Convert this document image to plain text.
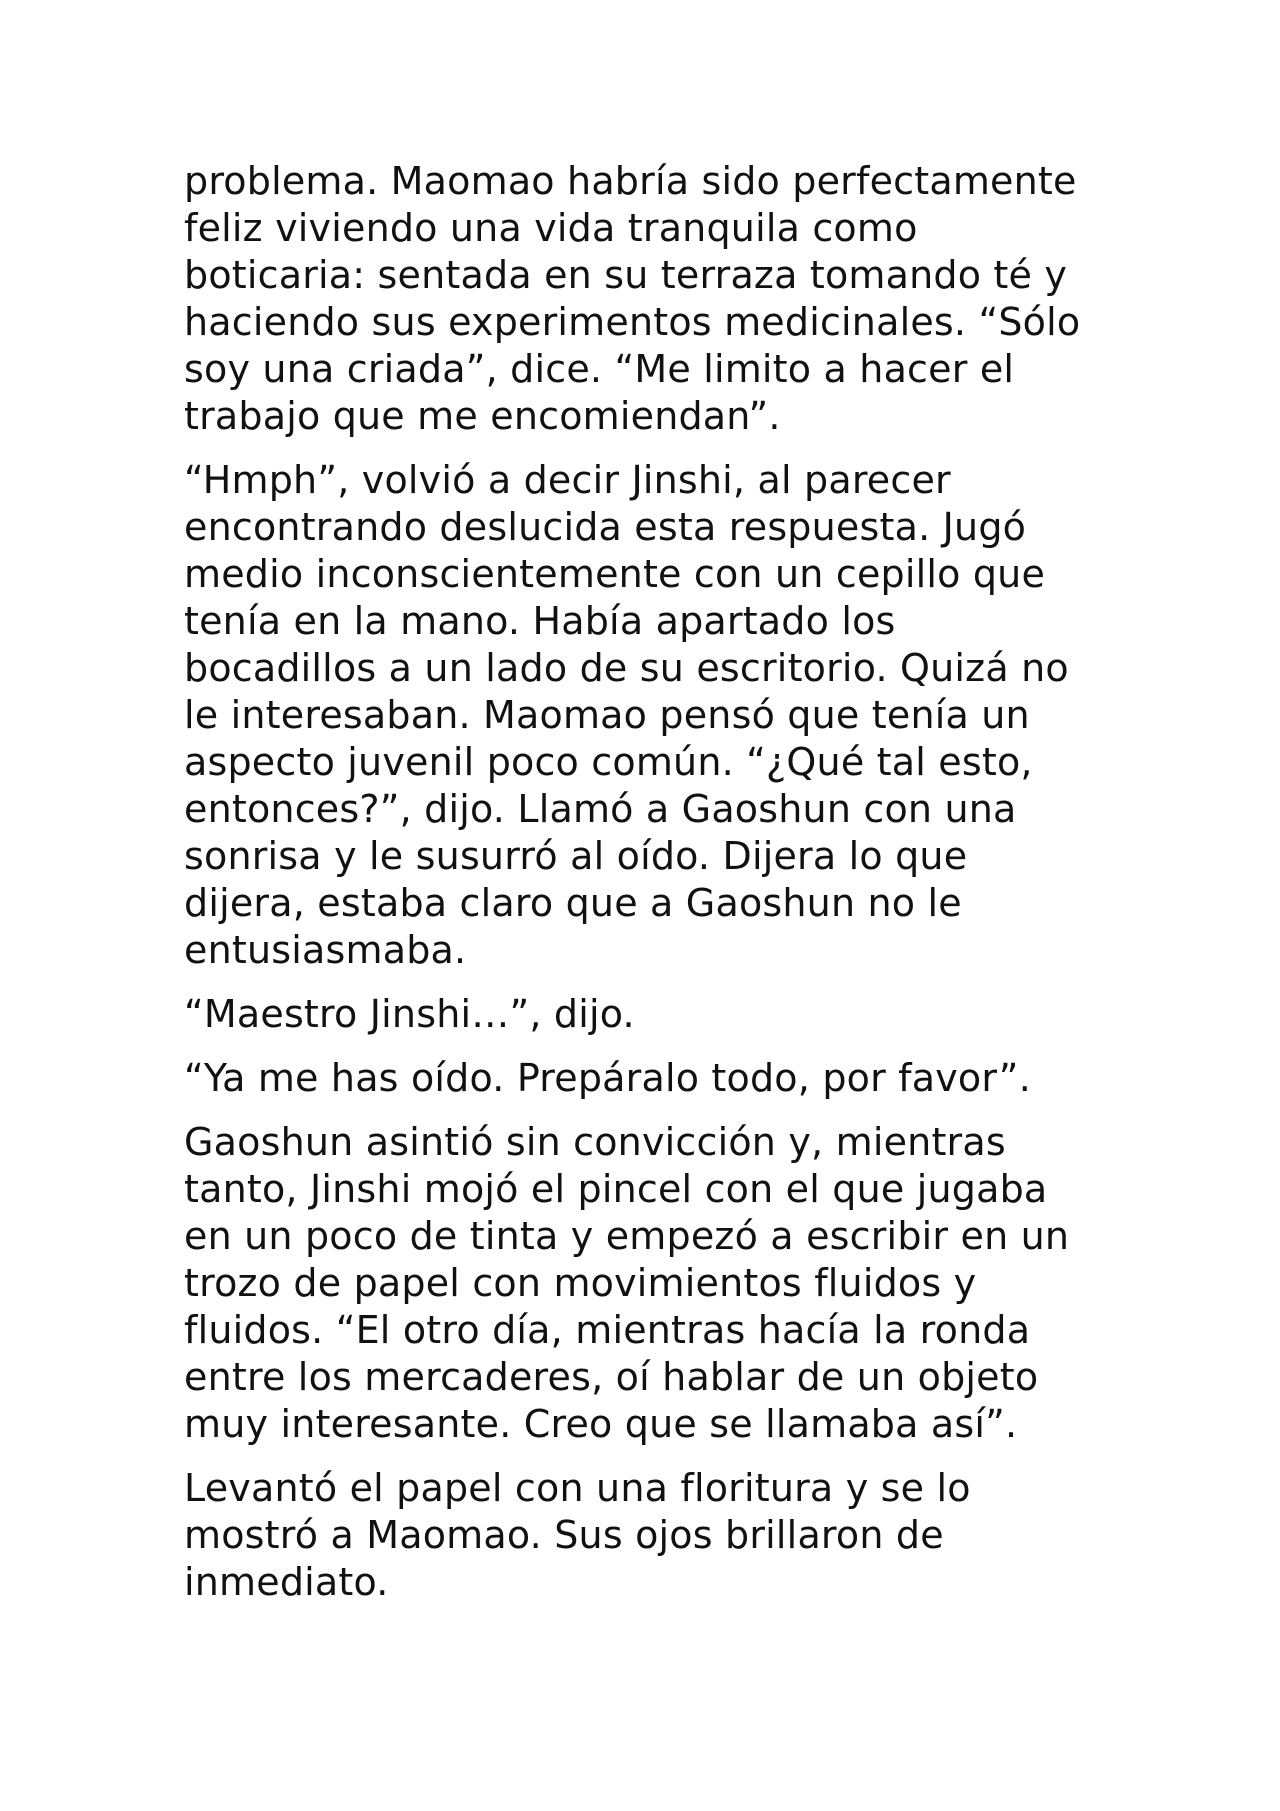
problema. Maomao habría sido perfectamente
feliz viviendo una vida tranquila como
boticaria: sentada en su terraza tomando té y
haciendo sus experimentos medicinales. “Sólo
soy una criada”, dice. “Me limito a hacer el
trabajo que me encomiendan”.

“Hmph”, volvió a decir Jinshi, al parecer
encontrando deslucida esta respuesta. Jugó
medio inconscientemente con un cepillo que
tenía en la mano. Había apartado los
bocadillos a un lado de su escritorio. Quizá no
le interesaban. Maomao pensó que tenía un
aspecto juvenil poco común. “¿Qué tal esto,
entonces?”, dijo. Llamó a Gaoshun con una
sonrisa y le susurró al oído. Dijera lo que
dijera, estaba claro que a Gaoshun no le
entusiasmaba.

“Maestro Jinshi…”, dijo.

“Ya me has oído. Prepáralo todo, por favor”.

Gaoshun asintió sin convicción y, mientras
tanto, Jinshi mojó el pincel con el que jugaba
en un poco de tinta y empezó a escribir en un
trozo de papel con movimientos fluidos y
fluidos. “El otro día, mientras hacía la ronda
entre los mercaderes, oí hablar de un objeto
muy interesante. Creo que se llamaba así”.

Levantó el papel con una floritura y se lo
mostró a Maomao. Sus ojos brillaron de
inmediato.
